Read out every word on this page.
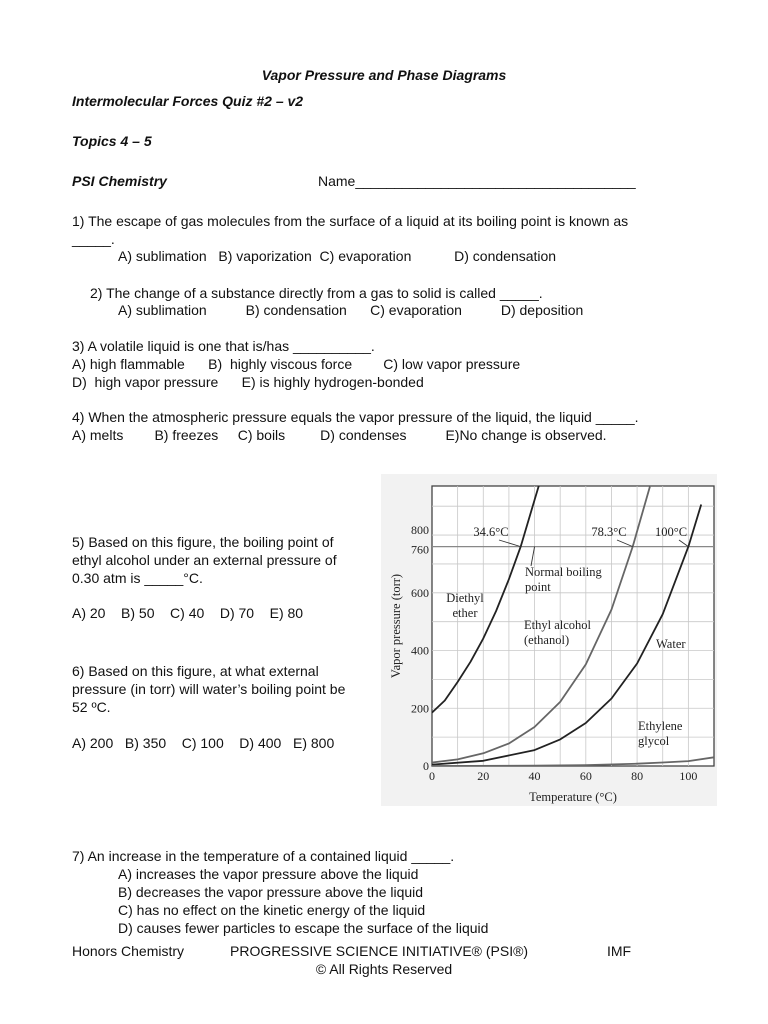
Vapor Pressure and Phase Diagrams
Intermolecular Forces Quiz #2 – v2
Topics 4 – 5
PSI Chemistry	Name____________________________________
1) The escape of gas molecules from the surface of a liquid at its boiling point is known as
_____.
A) sublimation   B) vaporization  C) evaporation           D) condensation
2) The change of a substance directly from a gas to solid is called _____.
A) sublimation          B) condensation      C) evaporation          D) deposition
3) A volatile liquid is one that is/has __________.
A) high flammable      B)  highly viscous force        C) low vapor pressure
D)  high vapor pressure      E) is highly hydrogen-bonded
4) When the atmospheric pressure equals the vapor pressure of the liquid, the liquid _____.
A) melts        B) freezes     C) boils         D) condenses          E)No change is observed.
5) Based on this figure, the boiling point of
ethyl alcohol under an external pressure of
0.30 atm is _____°C.
A) 20    B) 50    C) 40    D) 70    E) 80
6) Based on this figure, at what external
pressure (in torr) will water’s boiling point be
52 ºC.
A) 200   B) 350    C) 100    D) 400   E) 800
0	20	40	60	80	100
0
200
400
600
760
800
Vapor pressure (torr)
Temperature (°C)
Diethyl
ether
Ethyl alcohol
(ethanol)	Water
Ethylene
glycol
34.6°C	78.3°C 100°C
Normal boiling
point
7) An increase in the temperature of a contained liquid _____.
A) increases the vapor pressure above the liquid
B) decreases the vapor pressure above the liquid
C) has no effect on the kinetic energy of the liquid
D) causes fewer particles to escape the surface of the liquid
Honors Chemistry	PROGRESSIVE SCIENCE INITIATIVE® (PSI®)	IMF
© All Rights Reserved
